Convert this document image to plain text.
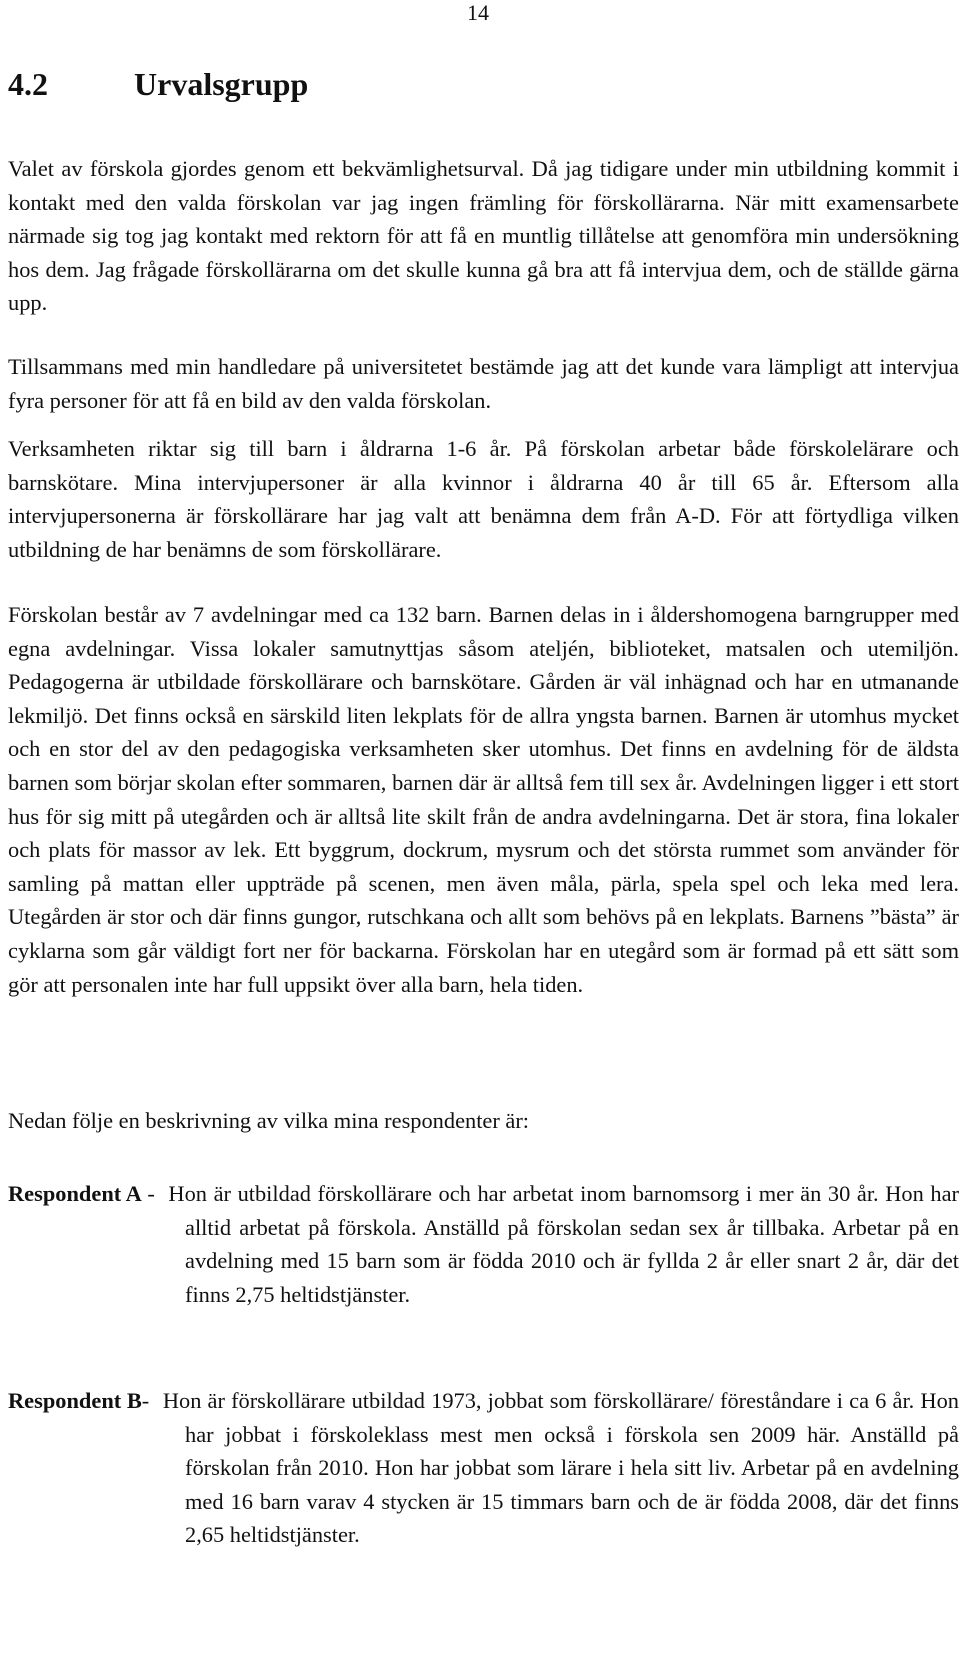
14
4.2	Urvalsgrupp

Valet av förskola gjordes genom ett bekvämlighetsurval. Då jag tidigare under min utbildning kommit i kontakt med den valda förskolan var jag ingen främling för förskollärarna. När mitt examensarbete närmade sig tog jag kontakt med rektorn för att få en muntlig tillåtelse att genomföra min undersökning hos dem. Jag frågade förskollärarna om det skulle kunna gå bra att få intervjua dem, och de ställde gärna upp.

Tillsammans med min handledare på universitetet bestämde jag att det kunde vara lämpligt att intervjua fyra personer för att få en bild av den valda förskolan.

Verksamheten riktar sig till barn i åldrarna 1-6 år. På förskolan arbetar både förskolelärare och barnskötare. Mina intervjupersoner är alla kvinnor i åldrarna 40 år till 65 år. Eftersom alla intervjupersonerna är förskollärare har jag valt att benämna dem från A-D. För att förtydliga vilken utbildning de har benämns de som förskollärare.

Förskolan består av 7 avdelningar med ca 132 barn. Barnen delas in i åldershomogena barngrupper med egna avdelningar. Vissa lokaler samutnyttjas såsom ateljén, biblioteket, matsalen och utemiljön. Pedagogerna är utbildade förskollärare och barnskötare. Gården är väl inhägnad och har en utmanande lekmiljö. Det finns också en särskild liten lekplats för de allra yngsta barnen. Barnen är utomhus mycket och en stor del av den pedagogiska verksamheten sker utomhus. Det finns en avdelning för de äldsta barnen som börjar skolan efter sommaren, barnen där är alltså fem till sex år. Avdelningen ligger i ett stort hus för sig mitt på utegården och är alltså lite skilt från de andra avdelningarna. Det är stora, fina lokaler och plats för massor av lek. Ett byggrum, dockrum, mysrum och det största rummet som använder för samling på mattan eller uppträde på scenen, men även måla, pärla, spela spel och leka med lera. Utegården är stor och där finns gungor, rutschkana och allt som behövs på en lekplats. Barnens ”bästa” är cyklarna som går väldigt fort ner för backarna. Förskolan har en utegård som är formad på ett sätt som gör att personalen inte har full uppsikt över alla barn, hela tiden.

Nedan följe en beskrivning av vilka mina respondenter är:

Respondent A - Hon är utbildad förskollärare och har arbetat inom barnomsorg i mer än 30 år. Hon har alltid arbetat på förskola. Anställd på förskolan sedan sex år tillbaka. Arbetar på en avdelning med 15 barn som är födda 2010 och är fyllda 2 år eller snart 2 år, där det finns 2,75 heltidstjänster.
Respondent B- Hon är förskollärare utbildad 1973, jobbat som förskollärare/ föreståndare i ca 6 år. Hon har jobbat i förskoleklass mest men också i förskola sen 2009 här. Anställd på förskolan från 2010. Hon har jobbat som lärare i hela sitt liv. Arbetar på en avdelning med 16 barn varav 4 stycken är 15 timmars barn och de är födda 2008, där det finns 2,65 heltidstjänster.
